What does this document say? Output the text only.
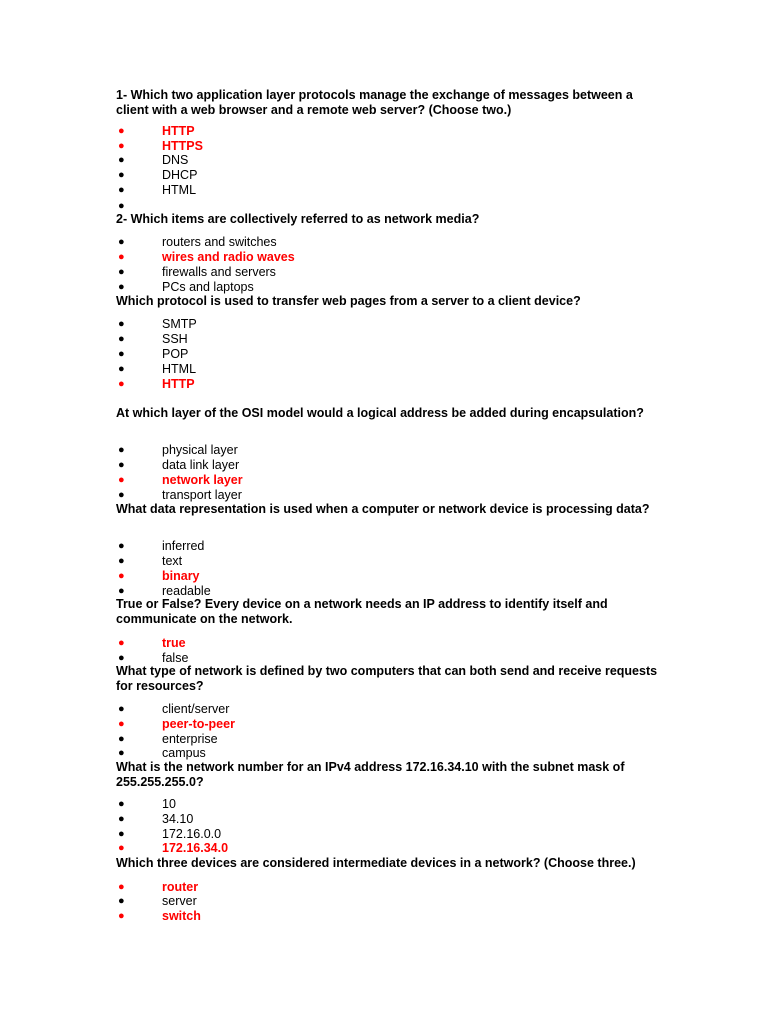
1- Which two application layer protocols manage the exchange of messages between a client with a web browser and a remote web server? (Choose two.)
●	HTTP
●	HTTPS
●	DNS
●	DHCP
●	HTML
●
2- Which items are collectively referred to as network media?
●	routers and switches
●	wires and radio waves
●	firewalls and servers
●	PCs and laptops
Which protocol is used to transfer web pages from a server to a client device?
●	SMTP
●	SSH
●	POP
●	HTML
●	HTTP
At which layer of the OSI model would a logical address be added during encapsulation?
●	physical layer
●	data link layer
●	network layer
●	transport layer
What data representation is used when a computer or network device is processing data?
●	inferred
●	text
●	binary
●	readable
True or False? Every device on a network needs an IP address to identify itself and communicate on the network.
●	true
●	false
What type of network is defined by two computers that can both send and receive requests for resources?
●	client/server
●	peer-to-peer
●	enterprise
●	campus
What is the network number for an IPv4 address 172.16.34.10 with the subnet mask of 255.255.255.0?
●	10
●	34.10
●	172.16.0.0
●	172.16.34.0
Which three devices are considered intermediate devices in a network? (Choose three.)
●	router
●	server
●	switch
